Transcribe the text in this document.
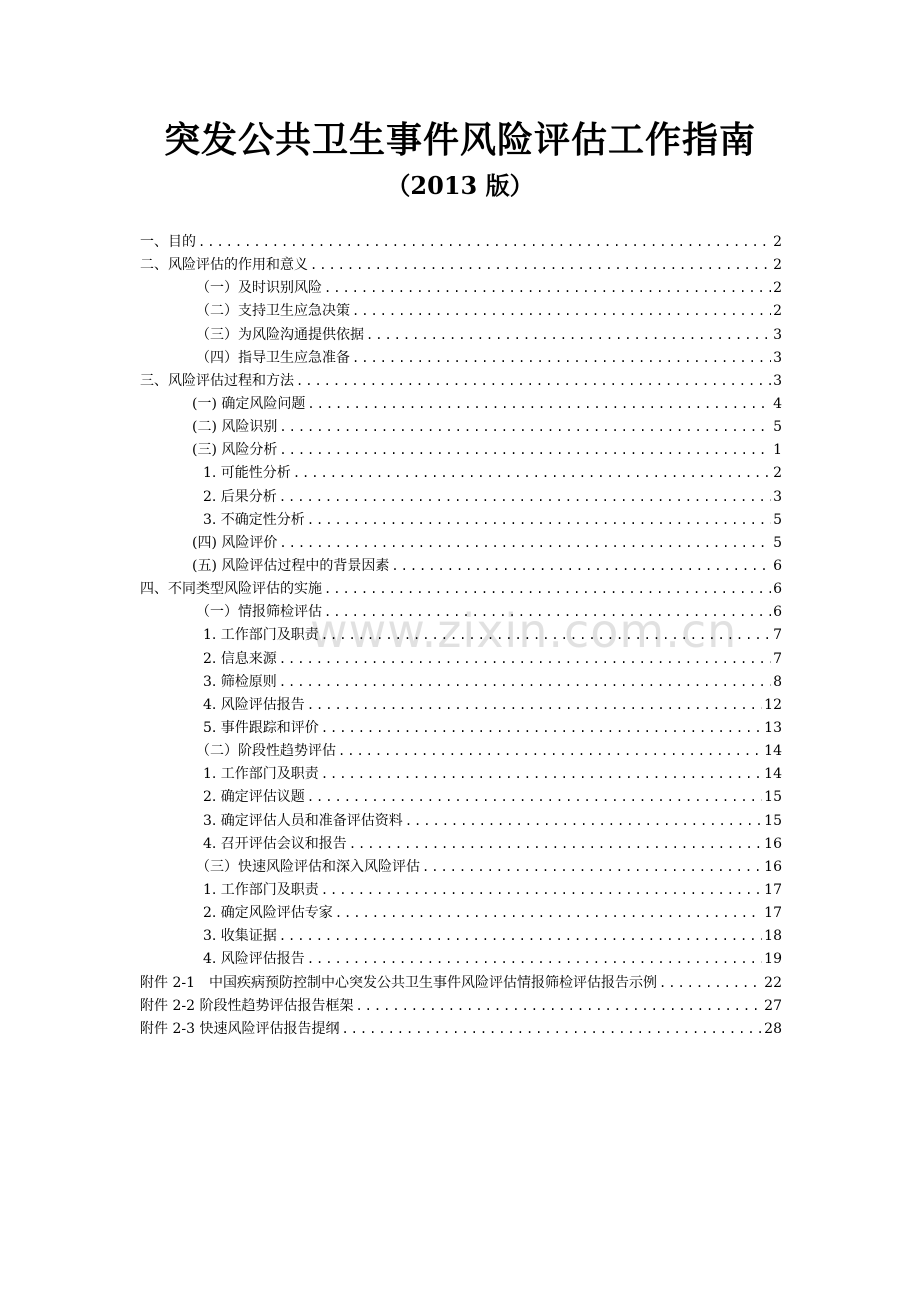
突发公共卫生事件风险评估工作指南
（2013 版）
www.zixin.com.cn
一、目的 .....	2
二、风险评估的作用和意义 .....	2
（一）及时识别风险 .....	2
（二）支持卫生应急决策 .....	2
（三）为风险沟通提供依据 .....	3
（四）指导卫生应急准备 .....	3
三、风险评估过程和方法 .....	3
(一) 确定风险问题 .....	4
(二) 风险识别 .....	5
(三) 风险分析 .....	1
1. 可能性分析 .....	2
2. 后果分析 .....	3
3. 不确定性分析 .....	5
(四) 风险评价 .....	5
(五) 风险评估过程中的背景因素 .....	6
四、不同类型风险评估的实施 .....	6
（一）情报筛检评估 .....	6
1. 工作部门及职责 .....	7
2. 信息来源 .....	7
3. 筛检原则 .....	8
4. 风险评估报告 .....	12
5. 事件跟踪和评价 .....	13
（二）阶段性趋势评估 .....	14
1. 工作部门及职责 .....	14
2. 确定评估议题 .....	15
3. 确定评估人员和准备评估资料 .....	15
4. 召开评估会议和报告 .....	16
（三）快速风险评估和深入风险评估 .....	16
1. 工作部门及职责 .....	17
2. 确定风险评估专家 .....	17
3. 收集证据 .....	18
4. 风险评估报告 .....	19
附件 2-1　中国疾病预防控制中心突发公共卫生事件风险评估情报筛检评估报告示例 .....	22
附件 2-2 阶段性趋势评估报告框架 .....	27
附件 2-3 快速风险评估报告提纲 .....	28
